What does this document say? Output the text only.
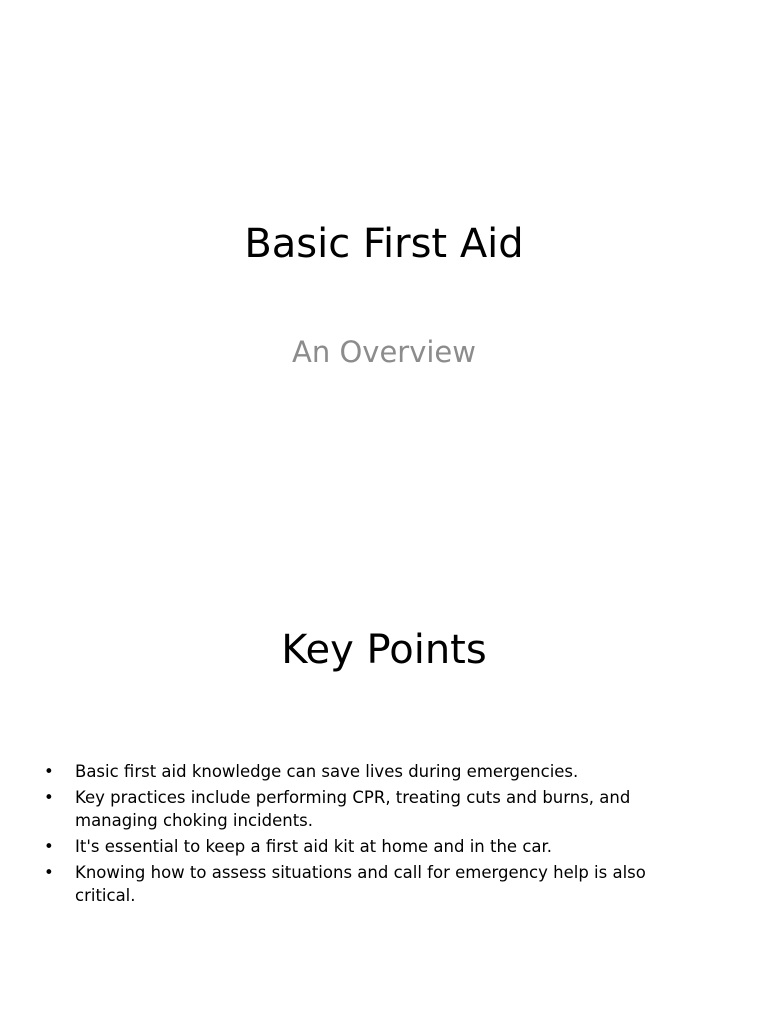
Basic First Aid

An Overview

Key Points
• Basic first aid knowledge can save lives during emergencies.
• Key practices include performing CPR, treating cuts and burns, and managing choking incidents.
• It's essential to keep a first aid kit at home and in the car.
• Knowing how to assess situations and call for emergency help is also critical.
